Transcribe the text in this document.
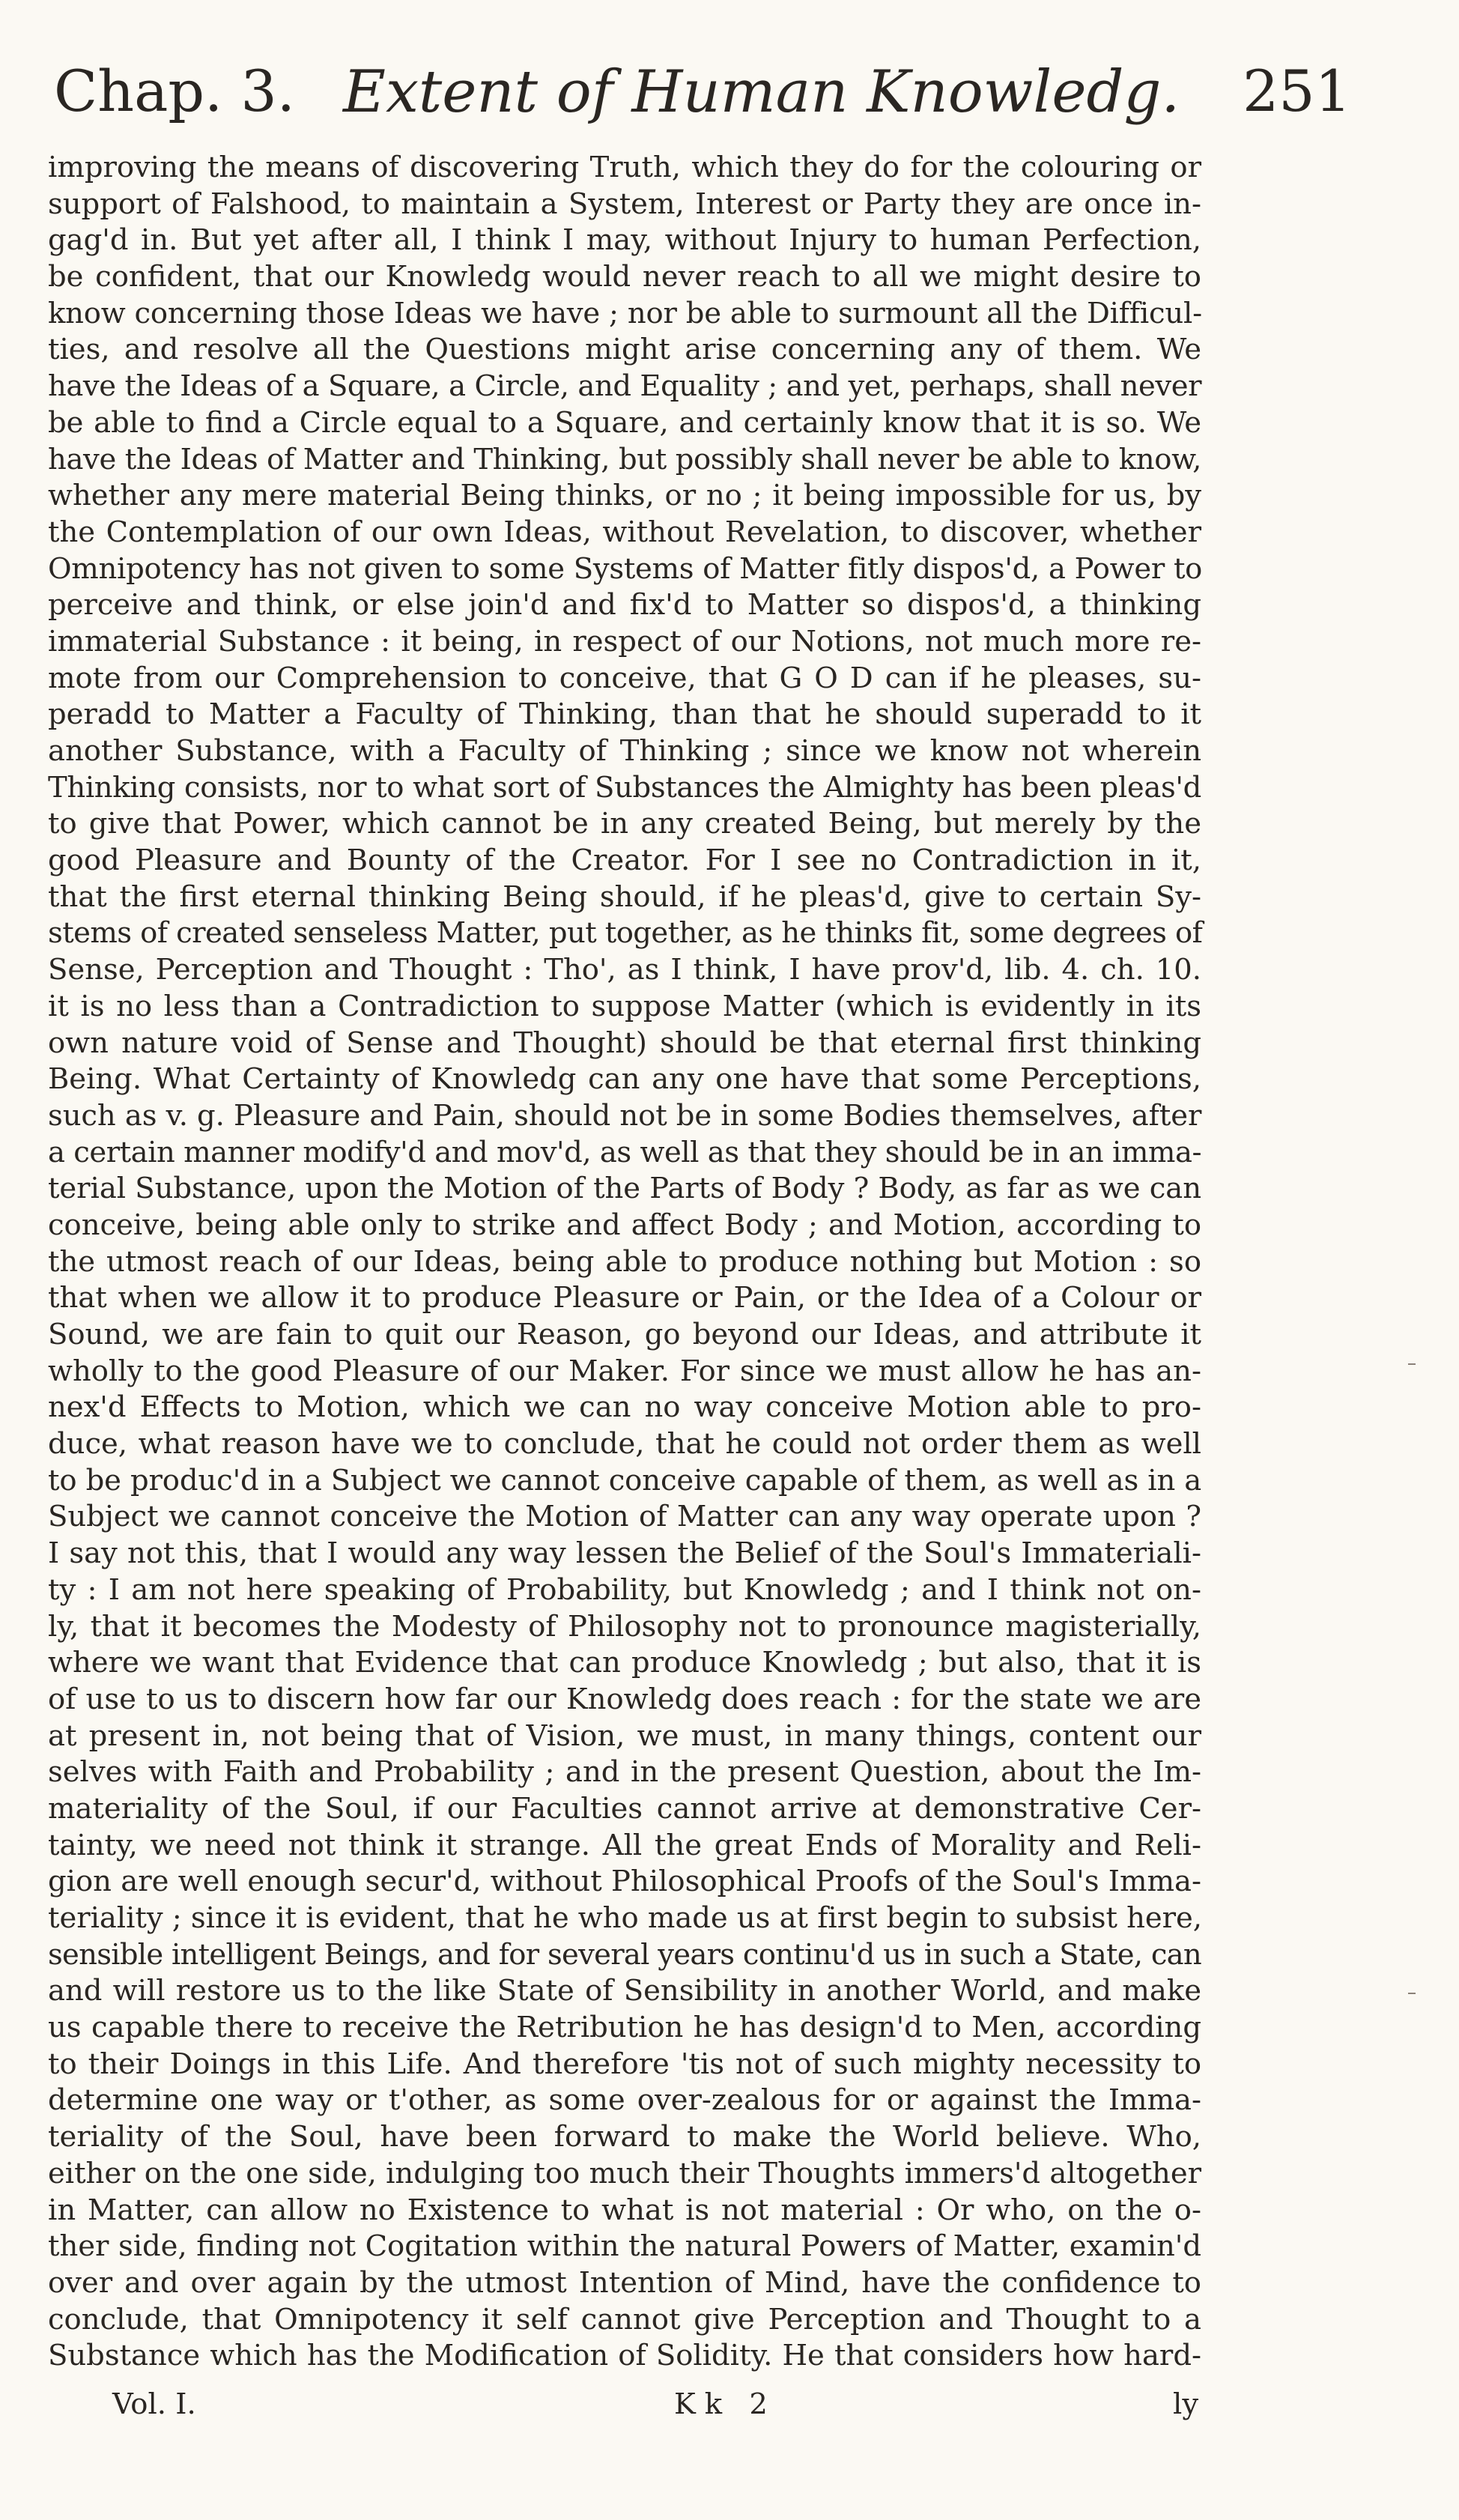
Chap. 3. Extent of Human Knowledg. 251
improving the means of discovering Truth, which they do for the colouring or
support of Falshood, to maintain a System, Interest or Party they are once in-
gag'd in. But yet after all, I think I may, without Injury to human Perfection,
be confident, that our Knowledg would never reach to all we might desire to
know concerning those Ideas we have ; nor be able to surmount all the Difficul-
ties, and resolve all the Questions might arise concerning any of them. We
have the Ideas of a Square, a Circle, and Equality ; and yet, perhaps, shall never
be able to find a Circle equal to a Square, and certainly know that it is so. We
have the Ideas of Matter and Thinking, but possibly shall never be able to know,
whether any mere material Being thinks, or no ; it being impossible for us, by
the Contemplation of our own Ideas, without Revelation, to discover, whether
Omnipotency has not given to some Systems of Matter fitly dispos'd, a Power to
perceive and think, or else join'd and fix'd to Matter so dispos'd, a thinking
immaterial Substance : it being, in respect of our Notions, not much more re-
mote from our Comprehension to conceive, that G O D can if he pleases, su-
peradd to Matter a Faculty of Thinking, than that he should superadd to it
another Substance, with a Faculty of Thinking ; since we know not wherein
Thinking consists, nor to what sort of Substances the Almighty has been pleas'd
to give that Power, which cannot be in any created Being, but merely by the
good Pleasure and Bounty of the Creator. For I see no Contradiction in it,
that the first eternal thinking Being should, if he pleas'd, give to certain Sy-
stems of created senseless Matter, put together, as he thinks fit, some degrees of
Sense, Perception and Thought : Tho', as I think, I have prov'd, lib. 4. ch. 10.
it is no less than a Contradiction to suppose Matter (which is evidently in its
own nature void of Sense and Thought) should be that eternal first thinking
Being. What Certainty of Knowledg can any one have that some Perceptions,
such as v. g. Pleasure and Pain, should not be in some Bodies themselves, after
a certain manner modify'd and mov'd, as well as that they should be in an imma-
terial Substance, upon the Motion of the Parts of Body ? Body, as far as we can
conceive, being able only to strike and affect Body ; and Motion, according to
the utmost reach of our Ideas, being able to produce nothing but Motion : so
that when we allow it to produce Pleasure or Pain, or the Idea of a Colour or
Sound, we are fain to quit our Reason, go beyond our Ideas, and attribute it
wholly to the good Pleasure of our Maker. For since we must allow he has an-
nex'd Effects to Motion, which we can no way conceive Motion able to pro-
duce, what reason have we to conclude, that he could not order them as well
to be produc'd in a Subject we cannot conceive capable of them, as well as in a
Subject we cannot conceive the Motion of Matter can any way operate upon ?
I say not this, that I would any way lessen the Belief of the Soul's Immateriali-
ty : I am not here speaking of Probability, but Knowledg ; and I think not on-
ly, that it becomes the Modesty of Philosophy not to pronounce magisterially,
where we want that Evidence that can produce Knowledg ; but also, that it is
of use to us to discern how far our Knowledg does reach : for the state we are
at present in, not being that of Vision, we must, in many things, content our
selves with Faith and Probability ; and in the present Question, about the Im-
materiality of the Soul, if our Faculties cannot arrive at demonstrative Cer-
tainty, we need not think it strange. All the great Ends of Morality and Reli-
gion are well enough secur'd, without Philosophical Proofs of the Soul's Imma-
teriality ; since it is evident, that he who made us at first begin to subsist here,
sensible intelligent Beings, and for several years continu'd us in such a State, can
and will restore us to the like State of Sensibility in another World, and make
us capable there to receive the Retribution he has design'd to Men, according
to their Doings in this Life. And therefore 'tis not of such mighty necessity to
determine one way or t'other, as some over-zealous for or against the Imma-
teriality of the Soul, have been forward to make the World believe. Who,
either on the one side, indulging too much their Thoughts immers'd altogether
in Matter, can allow no Existence to what is not material : Or who, on the o-
ther side, finding not Cogitation within the natural Powers of Matter, examin'd
over and over again by the utmost Intention of Mind, have the confidence to
conclude, that Omnipotency it self cannot give Perception and Thought to a
Substance which has the Modification of Solidity. He that considers how hard-
Vol. I.	Kk 2	ly
